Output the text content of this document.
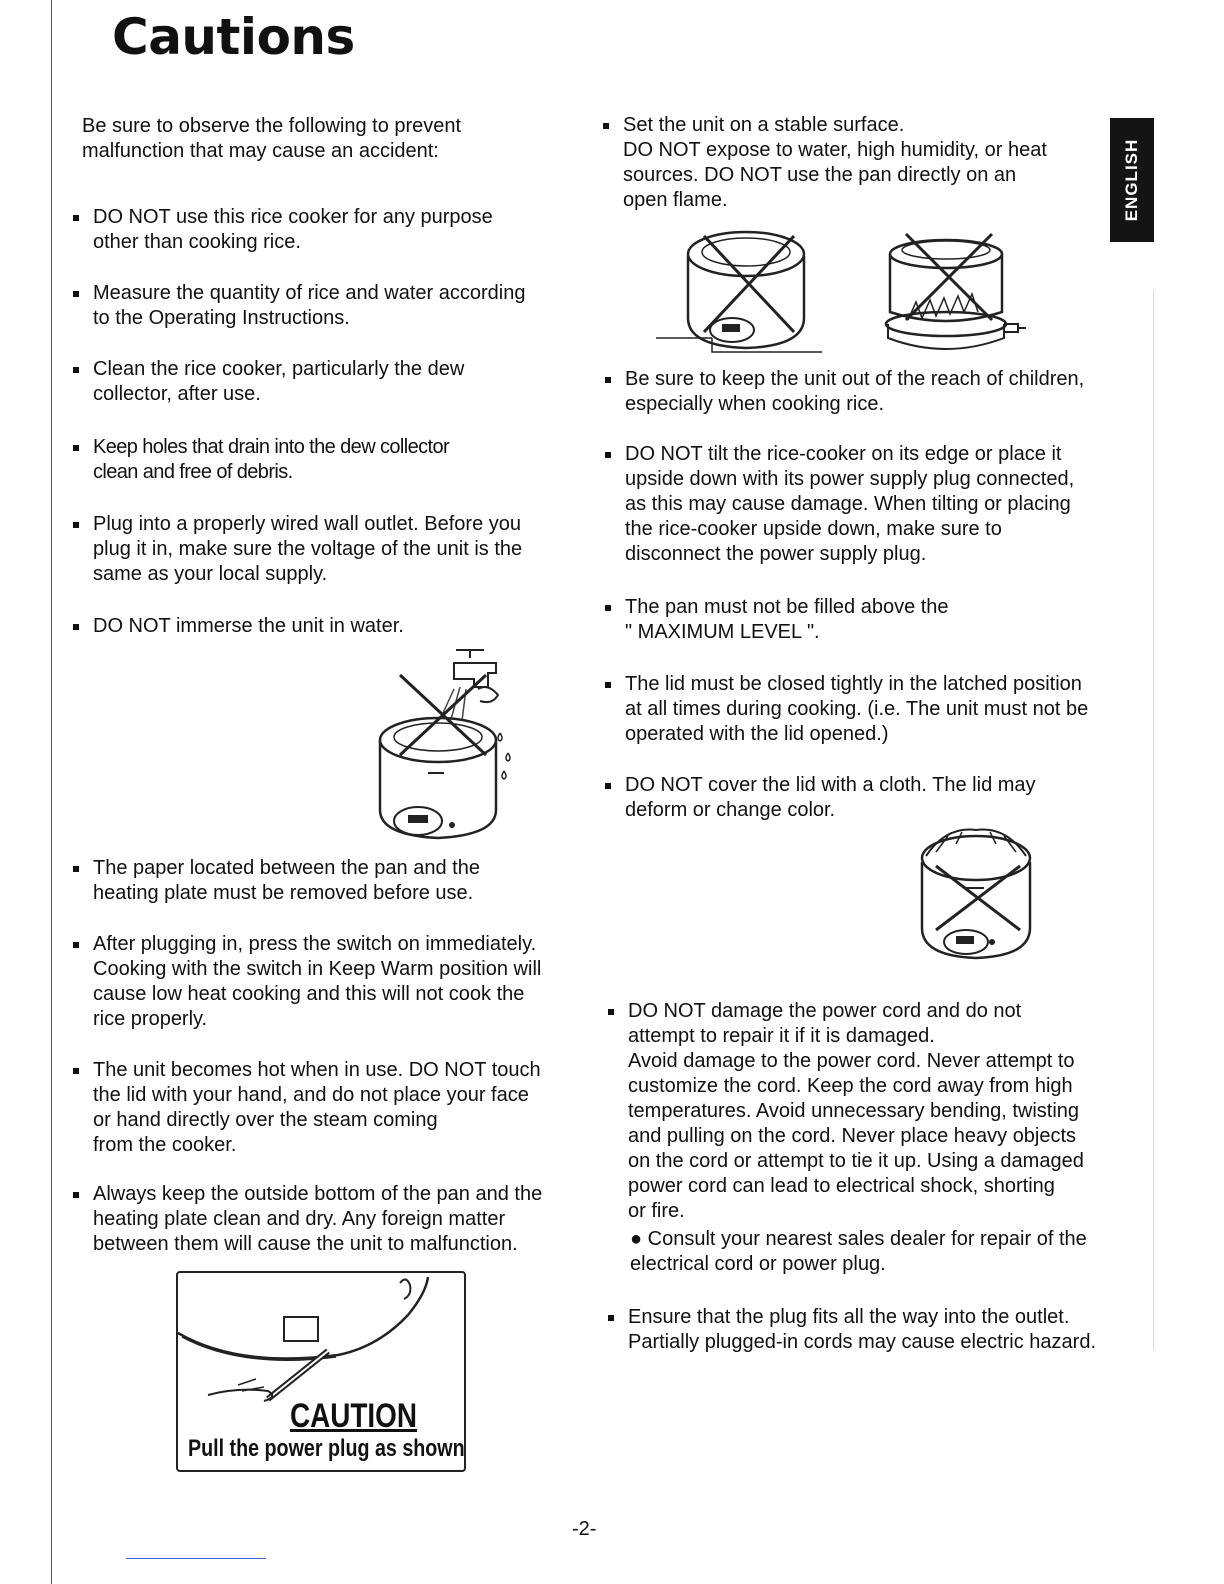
Cautions
ENGLISH
Be sure to observe the following to prevent
malfunction that may cause an accident:
DO NOT use this rice cooker for any purpose
other than cooking rice.
Measure the quantity of rice and water according
to the Operating Instructions.
Clean the rice cooker, particularly the dew
collector, after use.
Keep holes that drain into the dew collector
clean and free of debris.
Plug into a properly wired wall outlet. Before you
plug it in, make sure the voltage of the unit is the
same as your local supply.
DO NOT immerse the unit in water.
The paper located between the pan and the
heating plate must be removed before use.
After plugging in, press the switch on immediately.
Cooking with the switch in Keep Warm position will
cause low heat cooking and this will not cook the
rice properly.
The unit becomes hot when in use. DO NOT touch
the lid with your hand, and do not place your face
or hand directly over the steam coming
from the cooker.
Always keep the outside bottom of the pan and the
heating plate clean and dry. Any foreign matter
between them will cause the unit to malfunction.
CAUTION
Pull the power plug as shown
Set the unit on a stable surface.
DO NOT expose to water, high humidity, or heat
sources. DO NOT use the pan directly on an
open flame.
Be sure to keep the unit out of the reach of children,
especially when cooking rice.
DO NOT tilt the rice-cooker on its edge or place it
upside down with its power supply plug connected,
as this may cause damage. When tilting or placing
the rice-cooker upside down, make sure to
disconnect the power supply plug.
The pan must not be filled above the
" MAXIMUM LEVEL ".
The lid must be closed tightly in the latched position
at all times during cooking. (i.e. The unit must not be
operated with the lid opened.)
DO NOT cover the lid with a cloth. The lid may
deform or change color.
DO NOT damage the power cord and do not
attempt to repair it if it is damaged.
Avoid damage to the power cord. Never attempt to
customize the cord. Keep the cord away from high
temperatures. Avoid unnecessary bending, twisting
and pulling on the cord. Never place heavy objects
on the cord or attempt to tie it up. Using a damaged
power cord can lead to electrical shock, shorting
or fire.
● Consult your nearest sales dealer for repair of the
electrical cord or power plug.
Ensure that the plug fits all the way into the outlet.
Partially plugged-in cords may cause electric hazard.
-2-
